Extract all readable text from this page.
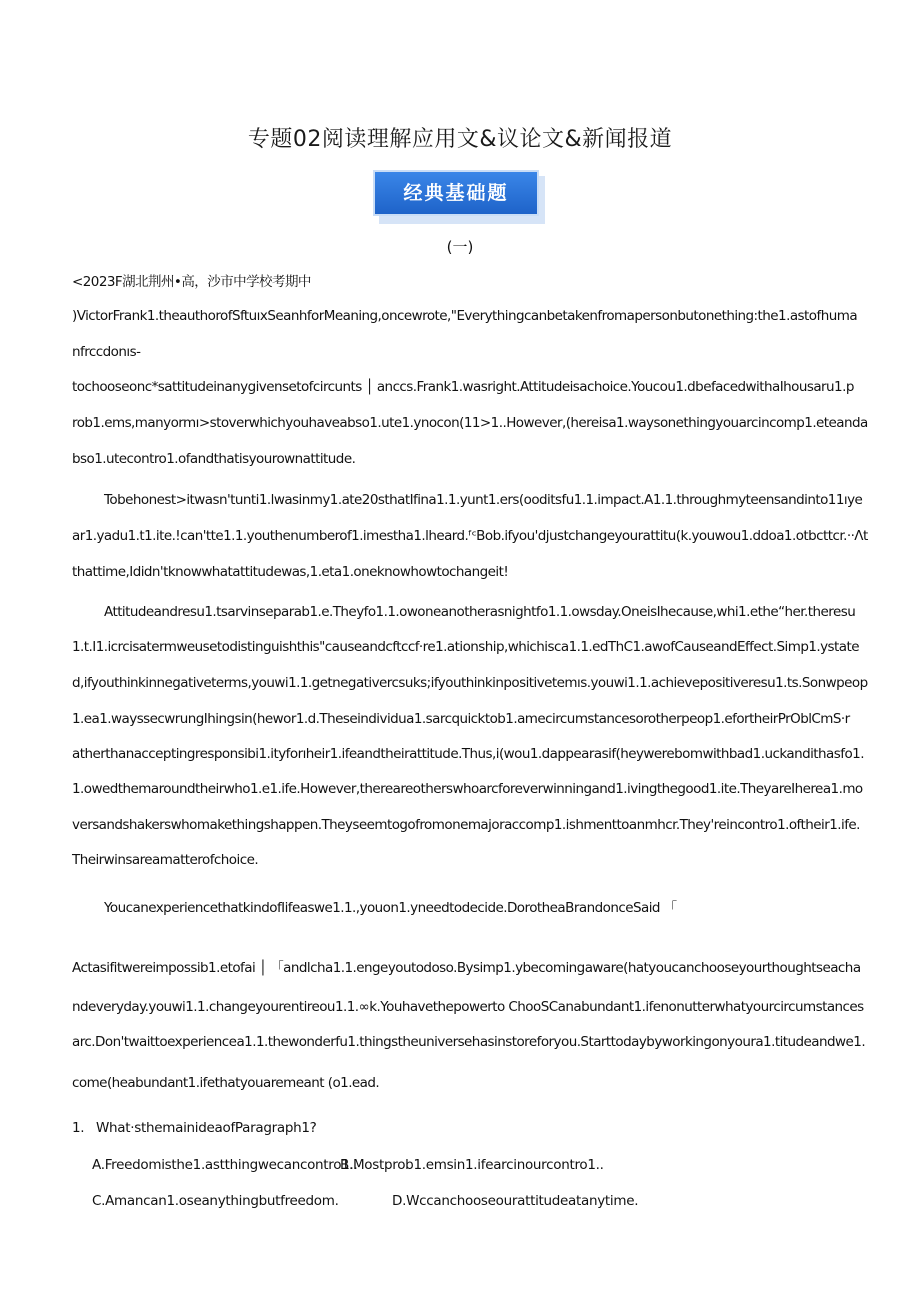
专题02阅读理解应用文&议论文&新闻报道
经典基础题
(一)
<2023F湖北荆州•高，沙市中学校考期中
)VictorFrank1.theauthorofSftuıxSeanhforMeaning,oncewrote,"Everythingcanbetakenfromapersonbutonething:the1.astofhuma
nfrccdonıs-
tochooseonc*sattitudeinanygivensetofcircunts │ anccs.Frank1.wasright.Attitudeisachoice.Youcou1.dbefacedwithaIhousaru1.p
rob1.ems,manyormı>stoverwhichyouhaveabso1.ute1.ynocon(11>1..However,(hereisa1.waysonethingyouarcincomp1.eteanda
bso1.utecontro1.ofandthatisyourownattitude.
Tobehonest>itwasn'tunti1.lwasinmy1.ate20sthatIfina1.1.yunt1.ers(ooditsfu1.1.impact.A1.1.throughmyteensandinto11ıye
ar1.yadu1.t1.ite.!can'tte1.1.youthenumberof1.imestha1.lheard.ᶠᶜBob.ifyou'djustchangeyourattitu(k.youwou1.ddoa1.otbcttcr.··Λt
thattime,Ididn'tknowwhatattitudewas,1.eta1.oneknowhowtochangeit!
Attitudeandresu1.tsarvinseparab1.e.Theyfo1.1.owoneanotherasnightfo1.1.owsday.OneisIhecause,whi1.ethe“her.theresu
1.t.I1.icrcisatermweusetodistinguishthis"causeandcftccf·re1.ationship,whichisca1.1.edThC1.awofCauseandEffect.Simp1.ystate
d,ifyouthinkinnegativeterms,youwi1.1.getnegativercsuks;ifyouthinkinpositivetemıs.youwi1.1.achievepositiveresu1.ts.Sonwpeop
1.ea1.wayssecwrungIhingsin(hewor1.d.Theseindividua1.sarcquicktob1.amecircumstancesorotherpeop1.efortheirPrOblCmS·r
atherthanacceptingresponsibi1.ityforıheir1.ifeandtheirattitude.Thus,i(wou1.dappearasif(heywerebomwithbad1.uckandithasfo1.
1.owedthemaroundtheirwho1.e1.ife.However,thereareotherswhoarcforeverwinningand1.ivingthegood1.ite.TheyareIherea1.mo
versandshakerswhomakethingshappen.Theyseemtogofromonemajoraccomp1.ishmenttoanmhcr.They'reincontro1.oftheir1.ife.
Theirwinsareamatterofchoice.
YoucanexperiencethatkindofIifeaswe1.1.,youon1.yneedtodecide.DorotheaBrandonceSaid 「
Actasifitwereimpossib1.etofai │ 「andlcha1.1.engeyoutodoso.Bysimp1.ybecomingaware(hatyoucanchooseyourthoughtseacha
ndeveryday.youwi1.1.changeyourentireou1.1.∞k.Youhavethepowerto ChooSCanabundant1.ifenonutterwhatyourcircumstances
arc.Don'twaittoexperiencea1.1.thewonderfu1.thingstheuniversehasinstoreforyou.Starttodaybyworkingonyoura1.titudeandwe1.
come(heabundant1.ifethatyouaremeant (o1.ead.
1. What·sthemainideaofParagraph1?
A.Freedomisthe1.astthingwecancontro1..
B.Mostprob1.emsin1.ifearcinourcontro1..
C.Amancan1.oseanythingbutfreedom.	D.Wccanchooseourattitudeatanytime.
